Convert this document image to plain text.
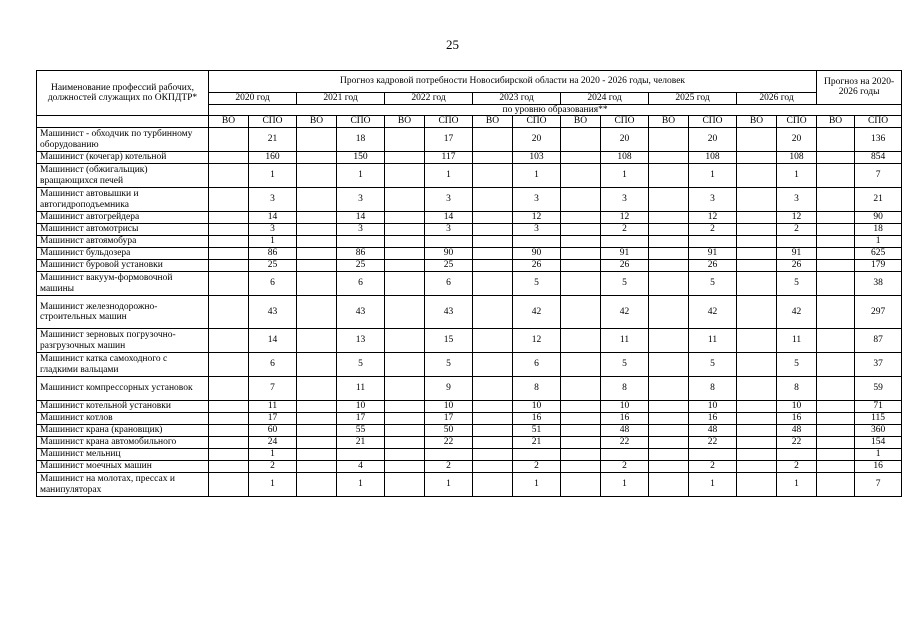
25
Наименование профессий рабочих, должностей служащих по ОКПДТР*	Прогноз кадровой потребности Новосибирской области на 2020 - 2026 годы, человек														Прогноз на 2020-2026 годы	
	2020 год		2021 год		2022 год		2023 год		2024 год		2025 год		2026 год			
	по уровню образования**															
	ВО	СПО	ВО	СПО	ВО	СПО	ВО	СПО	ВО	СПО	ВО	СПО	ВО	СПО	ВО	СПО
Машинист - обходчик по турбинному оборудованию		21		18		17		20		20		20		20		136
Машинист (кочегар) котельной		160		150		117		103		108		108		108		854
Машинист (обжигальщик) вращающихся печей		1		1		1		1		1		1		1		7
Машинист автовышки и автогидроподъемника		3		3		3		3		3		3		3		21
Машинист автогрейдера		14		14		14		12		12		12		12		90
Машинист автомотрисы		3		3		3		3		2		2		2		18
Машинист автоямобура		1														1
Машинист бульдозера		86		86		90		90		91		91		91		625
Машинист буровой установки		25		25		25		26		26		26		26		179
Машинист вакуум-формовочной машины		6		6		6		5		5		5		5		38
Машинист железнодорожно-строительных машин		43		43		43		42		42		42		42		297
Машинист зерновых погрузочно-разгрузочных машин		14		13		15		12		11		11		11		87
Машинист катка самоходного с гладкими вальцами		6		5		5		6		5		5		5		37
Машинист компрессорных установок		7		11		9		8		8		8		8		59
Машинист котельной установки		11		10		10		10		10		10		10		71
Машинист котлов		17		17		17		16		16		16		16		115
Машинист крана (крановщик)		60		55		50		51		48		48		48		360
Машинист крана автомобильного		24		21		22		21		22		22		22		154
Машинист мельниц		1														1
Машинист моечных машин		2		4		2		2		2		2		2		16
Машинист на молотах, прессах и манипуляторах		1		1		1		1		1		1		1		7
